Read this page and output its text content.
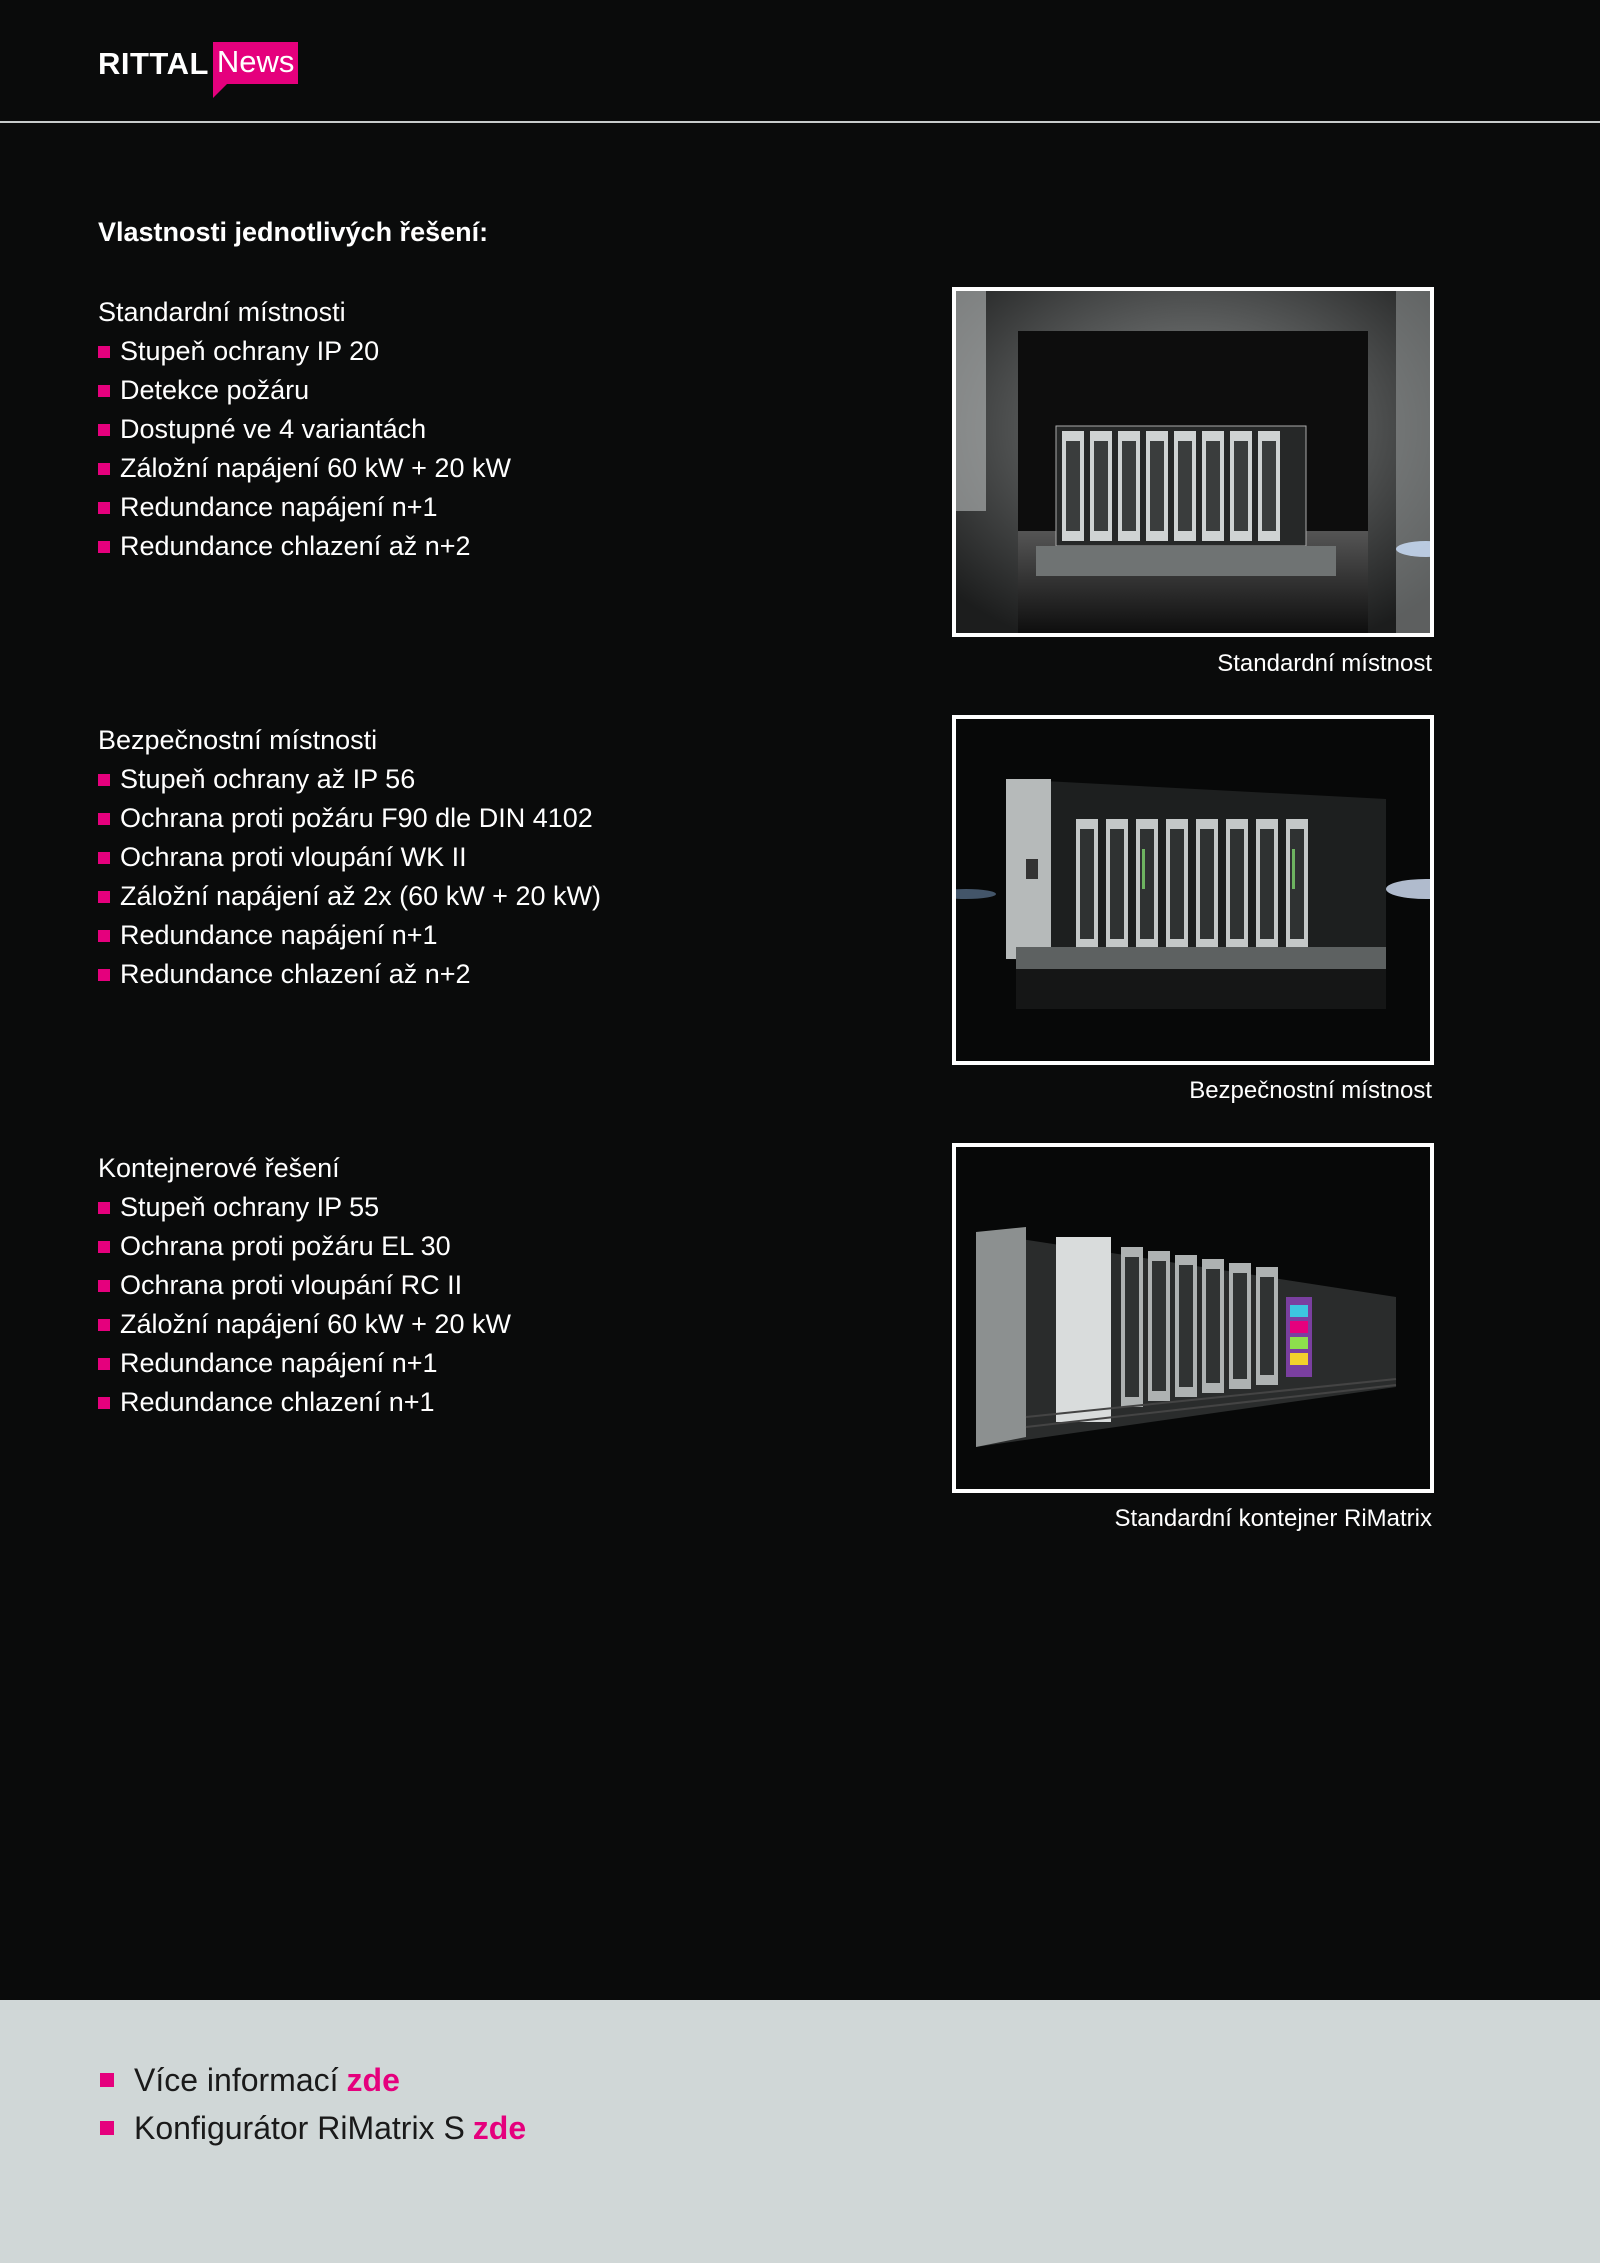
RITTAL News
Vlastnosti jednotlivých řešení:
Standardní místnosti
Stupeň ochrany IP 20
Detekce požáru
Dostupné ve 4 variantách
Záložní napájení 60 kW + 20 kW
Redundance napájení n+1
Redundance chlazení až n+2
Standardní místnost
Bezpečnostní místnosti
Stupeň ochrany až IP 56
Ochrana proti požáru F90 dle DIN 4102
Ochrana proti vloupání WK II
Záložní napájení až 2x (60 kW + 20 kW)
Redundance napájení n+1
Redundance chlazení až n+2
Bezpečnostní místnost
Kontejnerové řešení
Stupeň ochrany IP 55
Ochrana proti požáru EL 30
Ochrana proti vloupání RC II
Záložní napájení 60 kW + 20 kW
Redundance napájení n+1
Redundance chlazení n+1
Standardní kontejner RiMatrix
Více informací zde
Konfigurátor RiMatrix S zde
